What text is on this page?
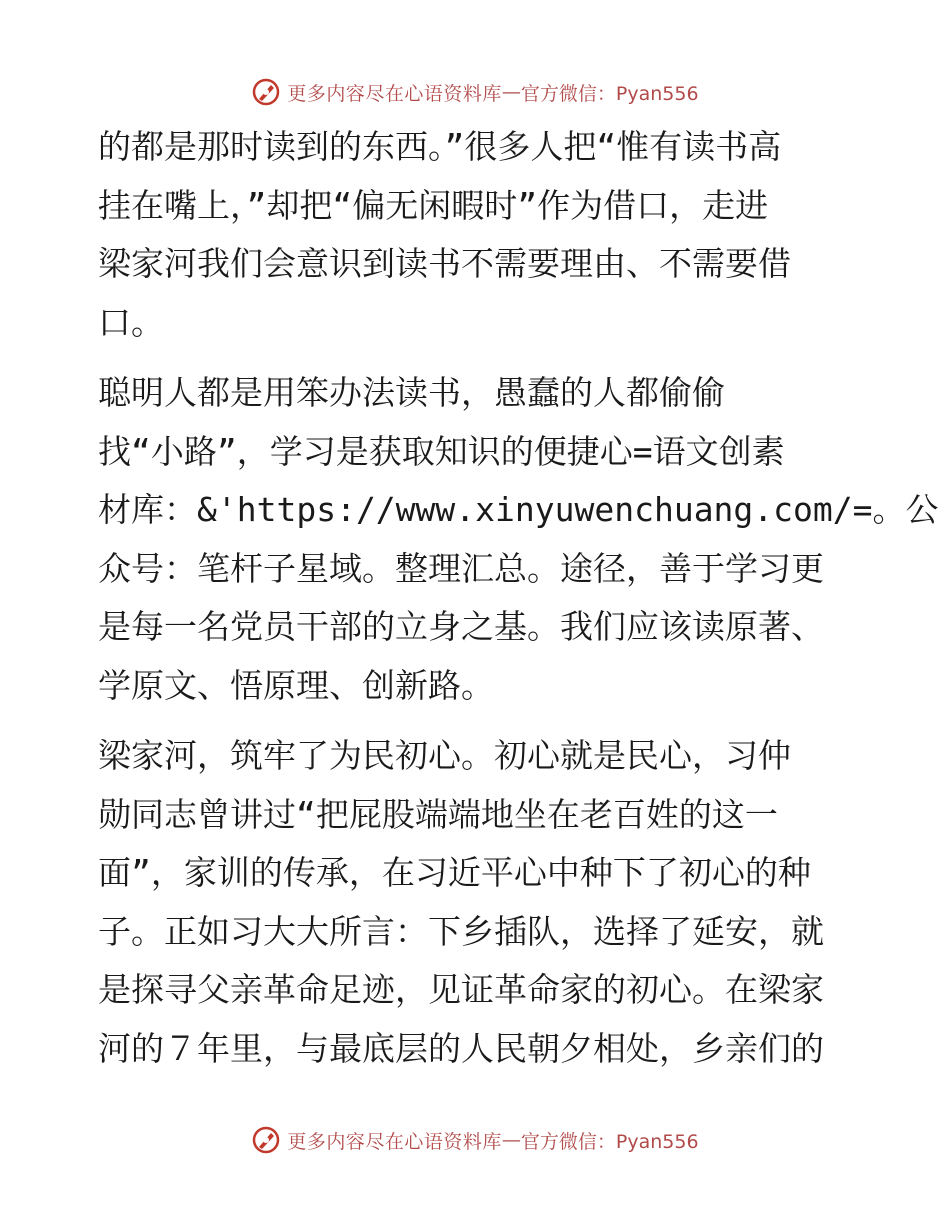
更多内容尽在心语资料库 — 官方微信：Pyan556
的都是那时读到的东西。”很多人把“惟有读书高
挂在嘴上，”却把“偏无闲暇时”作为借口，走进
梁家河我们会意识到读书不需要理由、不需要借
口。
聪明人都是用笨办法读书，愚蠢的人都偷偷
找“小路”，学习是获取知识的便捷心=语文创素
材库：&'https://www.xinyuwenchuang.com/=。公
众号：笔杆子星域。整理汇总。途径，善于学习更
是每一名党员干部的立身之基。我们应该读原著、
学原文、悟原理、创新路。
梁家河，筑牢了为民初心。初心就是民心，习仲
勋同志曾讲过“把屁股端端地坐在老百姓的这一
面”，家训的传承，在习近平心中种下了初心的种
子。正如习大大所言：下乡插队，选择了延安，就
是探寻父亲革命足迹，见证革命家的初心。在梁家
河的７年里，与最底层的人民朝夕相处，乡亲们的
更多内容尽在心语资料库 — 官方微信：Pyan556
